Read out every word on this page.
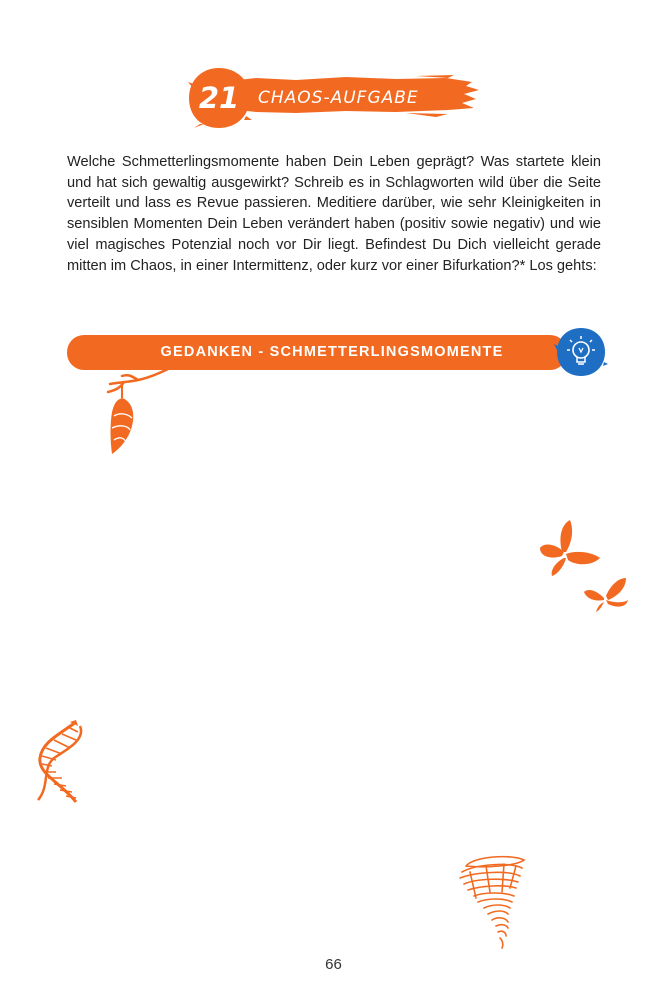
21	CHAOS-AUFGABE

Welche Schmetterlingsmomente haben Dein Leben geprägt? Was startete klein und hat sich gewaltig ausgewirkt? Schreib es in Schlagworten wild über die Seite verteilt und lass es Revue passieren. Meditiere darüber, wie sehr Kleinigkeiten in sensiblen Momenten Dein Leben verändert haben (positiv sowie negativ) und wie viel magisches Potenzial noch vor Dir liegt. Befindest Du Dich vielleicht gerade mitten im Chaos, in einer Intermittenz, oder kurz vor einer Bifurkation?* Los gehts:

GEDANKEN - SCHMETTERLINGSMOMENTE
66
